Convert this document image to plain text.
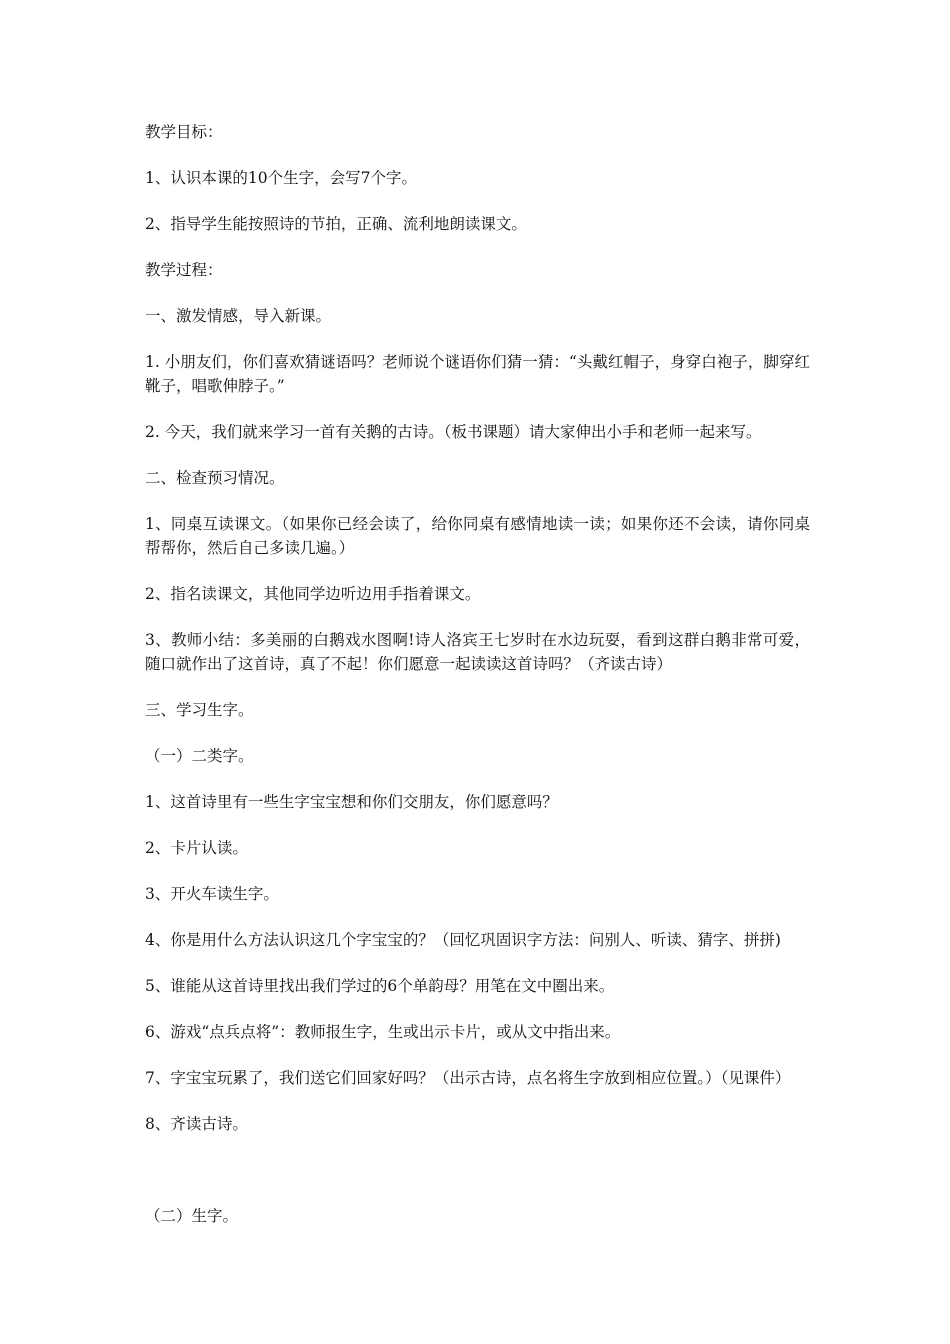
教学目标：

1、认识本课的10个生字，会写7个字。

2、指导学生能按照诗的节拍，正确、流利地朗读课文。

教学过程：

一、激发情感，导入新课。

1. 小朋友们，你们喜欢猜谜语吗？老师说个谜语你们猜一猜：“头戴红帽子，身穿白袍子，脚穿红靴子，唱歌伸脖子。”

2. 今天，我们就来学习一首有关鹅的古诗。（板书课题）请大家伸出小手和老师一起来写。

二、检查预习情况。

1、同桌互读课文。（如果你已经会读了，给你同桌有感情地读一读；如果你还不会读，请你同桌帮帮你，然后自己多读几遍。）

2、指名读课文，其他同学边听边用手指着课文。

3、教师小结：多美丽的白鹅戏水图啊!诗人洛宾王七岁时在水边玩耍，看到这群白鹅非常可爱，随口就作出了这首诗，真了不起！你们愿意一起读读这首诗吗？（齐读古诗）

三、学习生字。

（一）二类字。

1、这首诗里有一些生字宝宝想和你们交朋友，你们愿意吗？

2、卡片认读。

3、开火车读生字。

4、你是用什么方法认识这几个字宝宝的？（回忆巩固识字方法：问别人、听读、猜字、拼拼)

5、谁能从这首诗里找出我们学过的6个单韵母？用笔在文中圈出来。

6、游戏“点兵点将”：教师报生字，生或出示卡片，或从文中指出来。

7、字宝宝玩累了，我们送它们回家好吗？（出示古诗，点名将生字放到相应位置。）（见课件）

8、齐读古诗。

（二）生字。
